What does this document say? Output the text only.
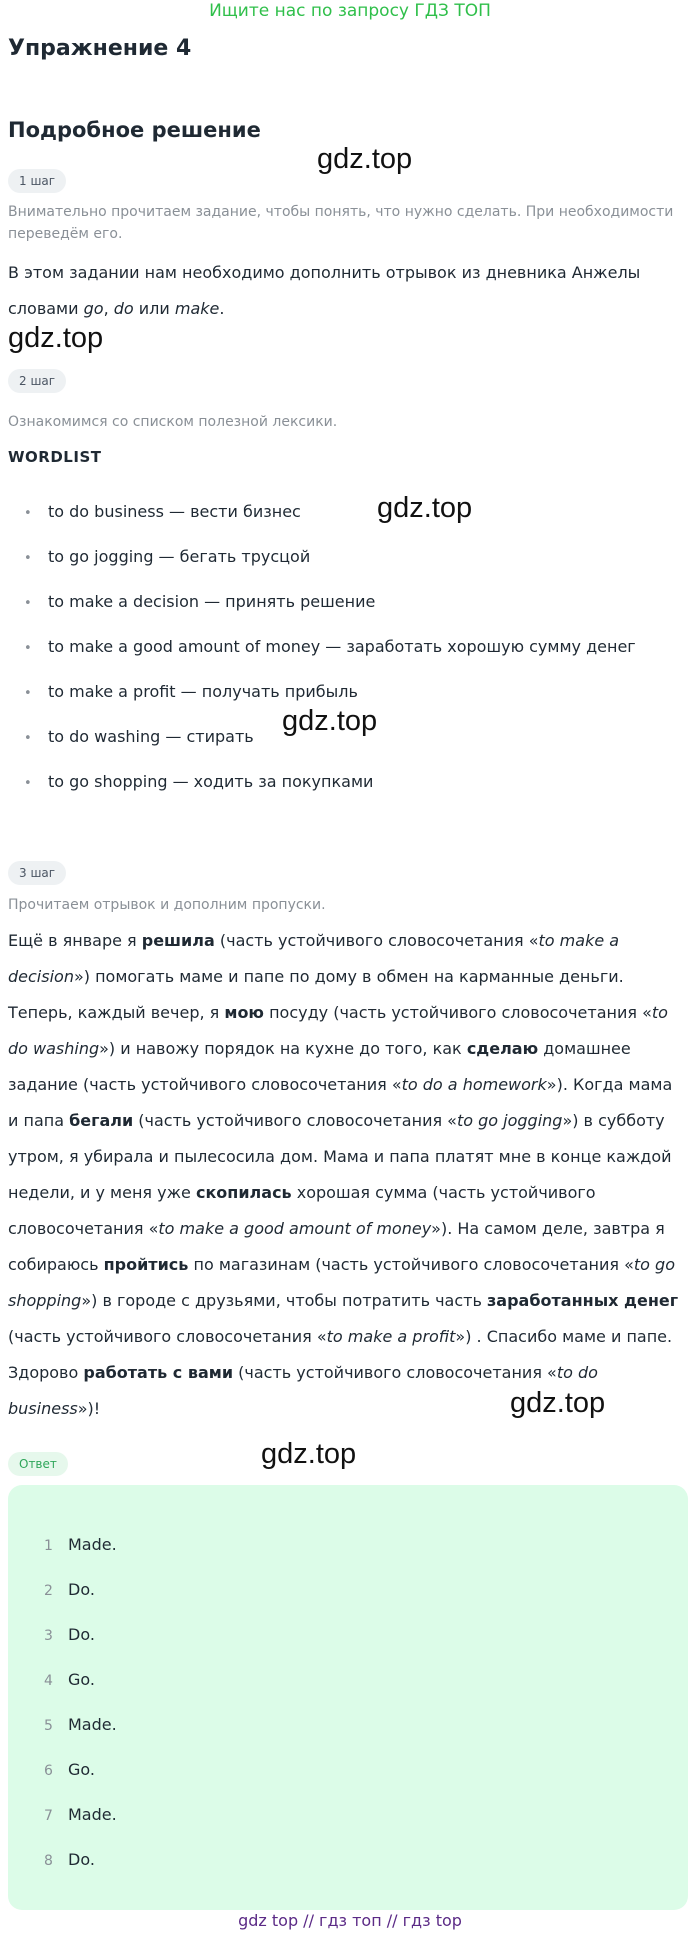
Ищите нас по запросу ГДЗ ТОП
Упражнение 4
Подробное решение
gdz.top
gdz.top
gdz.top
gdz.top
gdz.top
gdz.top
1 шаг
Внимательно прочитаем задание, чтобы понять, что нужно сделать. При необходимости переведём его.
В этом задании нам необходимо дополнить отрывок из дневника Анжелы
словами go, do или make.
2 шаг
Ознакомимся со списком полезной лексики.
WORDLIST
• to do business — вести бизнес
• to go jogging — бегать трусцой
• to make a decision — принять решение
• to make a good amount of money — заработать хорошую сумму денег
• to make a profit — получать прибыль
• to do washing — стирать
• to go shopping — ходить за покупками
3 шаг
Прочитаем отрывок и дополним пропуски.
Ещё в январе я решила (часть устойчивого словосочетания «to make a
decision») помогать маме и папе по дому в обмен на карманные деньги.
Теперь, каждый вечер, я мою посуду (часть устойчивого словосочетания «to
do washing») и навожу порядок на кухне до того, как сделаю домашнее
задание (часть устойчивого словосочетания «to do a homework»). Когда мама
и папа бегали (часть устойчивого словосочетания «to go jogging») в субботу
утром, я убирала и пылесосила дом. Мама и папа платят мне в конце каждой
недели, и у меня уже скопилась хорошая сумма (часть устойчивого
словосочетания «to make a good amount of money»). На самом деле, завтра я
собираюсь пройтись по магазинам (часть устойчивого словосочетания «to go
shopping») в городе с друзьями, чтобы потратить часть заработанных денег
(часть устойчивого словосочетания «to make a profit») . Спасибо маме и папе.
Здорово работать с вами (часть устойчивого словосочетания «to do
business»)!
Ответ
1 Made.
2 Do.
3 Do.
4 Go.
5 Made.
6 Go.
7 Made.
8 Do.
gdz top // гдз топ // гдз top
